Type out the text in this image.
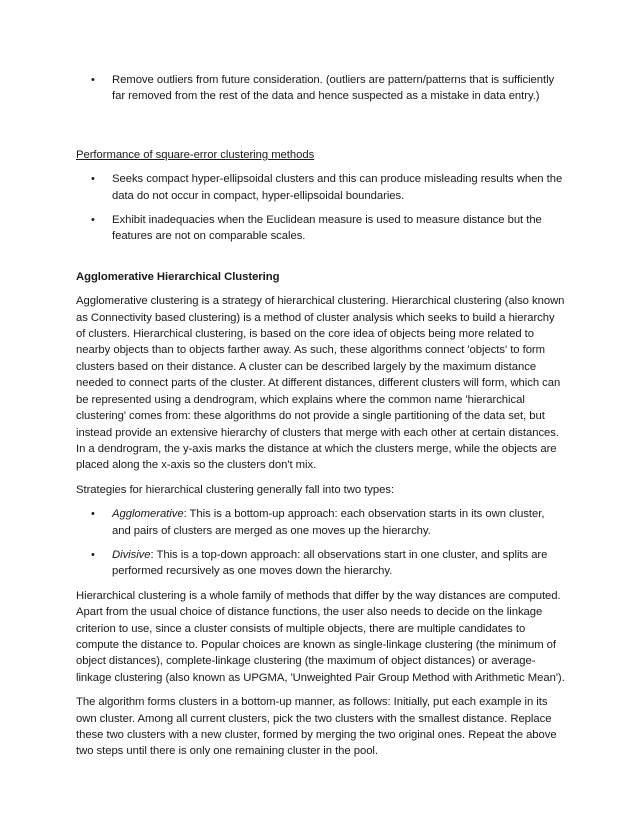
• Remove outliers from future consideration. (outliers are pattern/patterns that is sufficiently far removed from the rest of the data and hence suspected as a mistake in data entry.)

Performance of square-error clustering methods

• Seeks compact hyper-ellipsoidal clusters and this can produce misleading results when the data do not occur in compact, hyper-ellipsoidal boundaries.
• Exhibit inadequacies when the Euclidean measure is used to measure distance but the features are not on comparable scales.

Agglomerative Hierarchical Clustering

Agglomerative clustering is a strategy of hierarchical clustering. Hierarchical clustering (also known as Connectivity based clustering) is a method of cluster analysis which seeks to build a hierarchy of clusters. Hierarchical clustering, is based on the core idea of objects being more related to nearby objects than to objects farther away. As such, these algorithms connect 'objects' to form clusters based on their distance. A cluster can be described largely by the maximum distance needed to connect parts of the cluster. At different distances, different clusters will form, which can be represented using a dendrogram, which explains where the common name 'hierarchical clustering' comes from: these algorithms do not provide a single partitioning of the data set, but instead provide an extensive hierarchy of clusters that merge with each other at certain distances. In a dendrogram, the y-axis marks the distance at which the clusters merge, while the objects are placed along the x-axis so the clusters don't mix.

Strategies for hierarchical clustering generally fall into two types:

• Agglomerative: This is a bottom-up approach: each observation starts in its own cluster, and pairs of clusters are merged as one moves up the hierarchy.
• Divisive: This is a top-down approach: all observations start in one cluster, and splits are performed recursively as one moves down the hierarchy.

Hierarchical clustering is a whole family of methods that differ by the way distances are computed. Apart from the usual choice of distance functions, the user also needs to decide on the linkage criterion to use, since a cluster consists of multiple objects, there are multiple candidates to compute the distance to. Popular choices are known as single-linkage clustering (the minimum of object distances), complete-linkage clustering (the maximum of object distances) or average-linkage clustering (also known as UPGMA, 'Unweighted Pair Group Method with Arithmetic Mean').

The algorithm forms clusters in a bottom-up manner, as follows: Initially, put each example in its own cluster. Among all current clusters, pick the two clusters with the smallest distance. Replace these two clusters with a new cluster, formed by merging the two original ones. Repeat the above two steps until there is only one remaining cluster in the pool.
